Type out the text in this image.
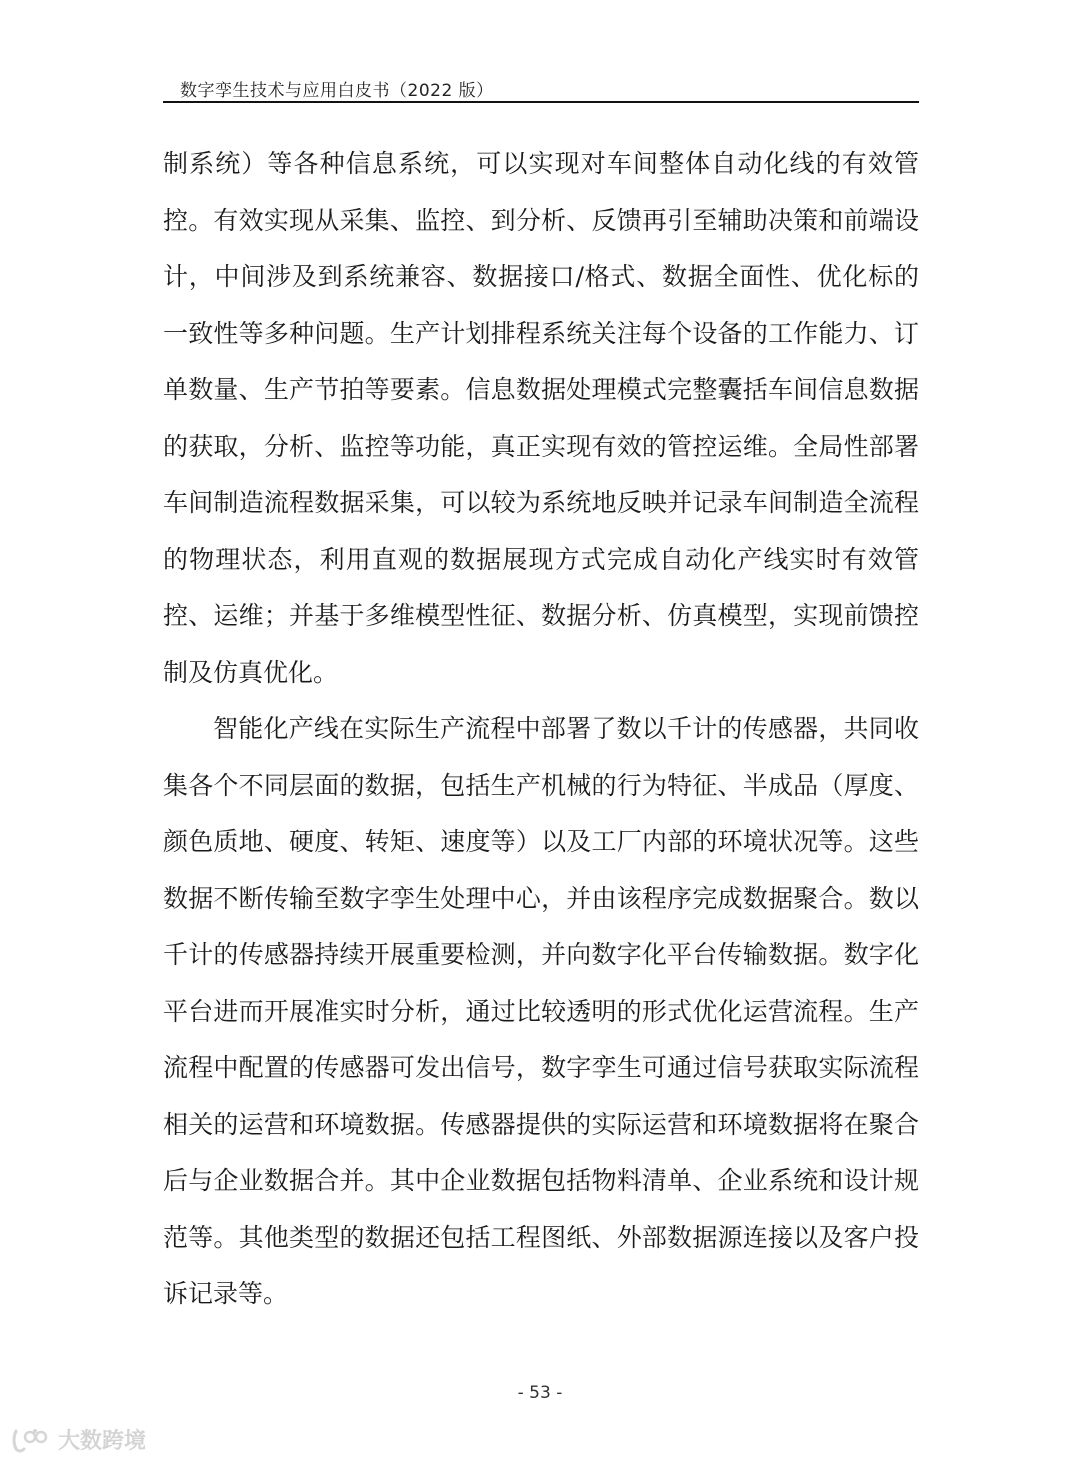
数字孪生技术与应用白皮书（2022 版）

制系统）等各种信息系统，可以实现对车间整体自动化线的有效管控。有效实现从采集、监控、到分析、反馈再引至辅助决策和前端设计，中间涉及到系统兼容、数据接口/格式、数据全面性、优化标的一致性等多种问题。生产计划排程系统关注每个设备的工作能力、订单数量、生产节拍等要素。信息数据处理模式完整囊括车间信息数据的获取，分析、监控等功能，真正实现有效的管控运维。全局性部署车间制造流程数据采集，可以较为系统地反映并记录车间制造全流程的物理状态，利用直观的数据展现方式完成自动化产线实时有效管控、运维；并基于多维模型性征、数据分析、仿真模型，实现前馈控制及仿真优化。

智能化产线在实际生产流程中部署了数以千计的传感器，共同收集各个不同层面的数据，包括生产机械的行为特征、半成品（厚度、颜色质地、硬度、转矩、速度等）以及工厂内部的环境状况等。这些数据不断传输至数字孪生处理中心，并由该程序完成数据聚合。数以千计的传感器持续开展重要检测，并向数字化平台传输数据。数字化平台进而开展准实时分析，通过比较透明的形式优化运营流程。生产流程中配置的传感器可发出信号，数字孪生可通过信号获取实际流程相关的运营和环境数据。传感器提供的实际运营和环境数据将在聚合后与企业数据合并。其中企业数据包括物料清单、企业系统和设计规范等。其他类型的数据还包括工程图纸、外部数据源连接以及客户投诉记录等。

- 53 -
大数跨境
